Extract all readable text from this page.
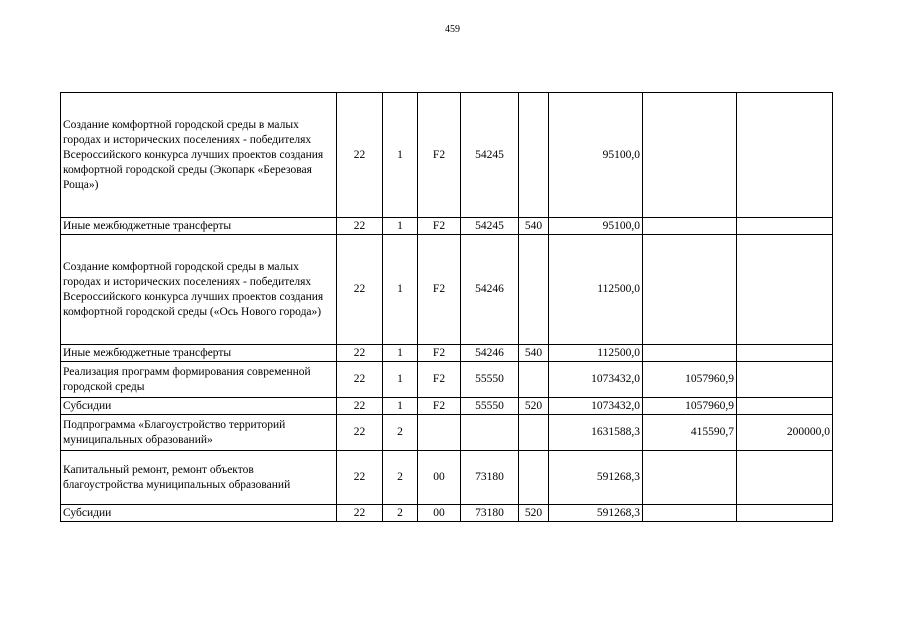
459
Создание комфортной городской среды в малых городах и исторических поселениях - победителях Всероссийского конкурса лучших проектов создания комфортной городской среды (Экопарк «Березовая Роща»)	22	1	F2	54245		95100,0		
Иные межбюджетные трансферты	22	1	F2	54245	540	95100,0		
Создание комфортной городской среды в малых городах и исторических поселениях - победителях Всероссийского конкурса лучших проектов создания комфортной городской среды («Ось Нового города»)	22	1	F2	54246		112500,0		
Иные межбюджетные трансферты	22	1	F2	54246	540	112500,0		
Реализация программ формирования современной городской среды	22	1	F2	55550		1073432,0	1057960,9	
Субсидии	22	1	F2	55550	520	1073432,0	1057960,9	
Подпрограмма «Благоустройство территорий муниципальных образований»	22	2				1631588,3	415590,7	200000,0
Капитальный ремонт, ремонт объектов благоустройства муниципальных образований	22	2	00	73180		591268,3		
Субсидии	22	2	00	73180	520	591268,3		
